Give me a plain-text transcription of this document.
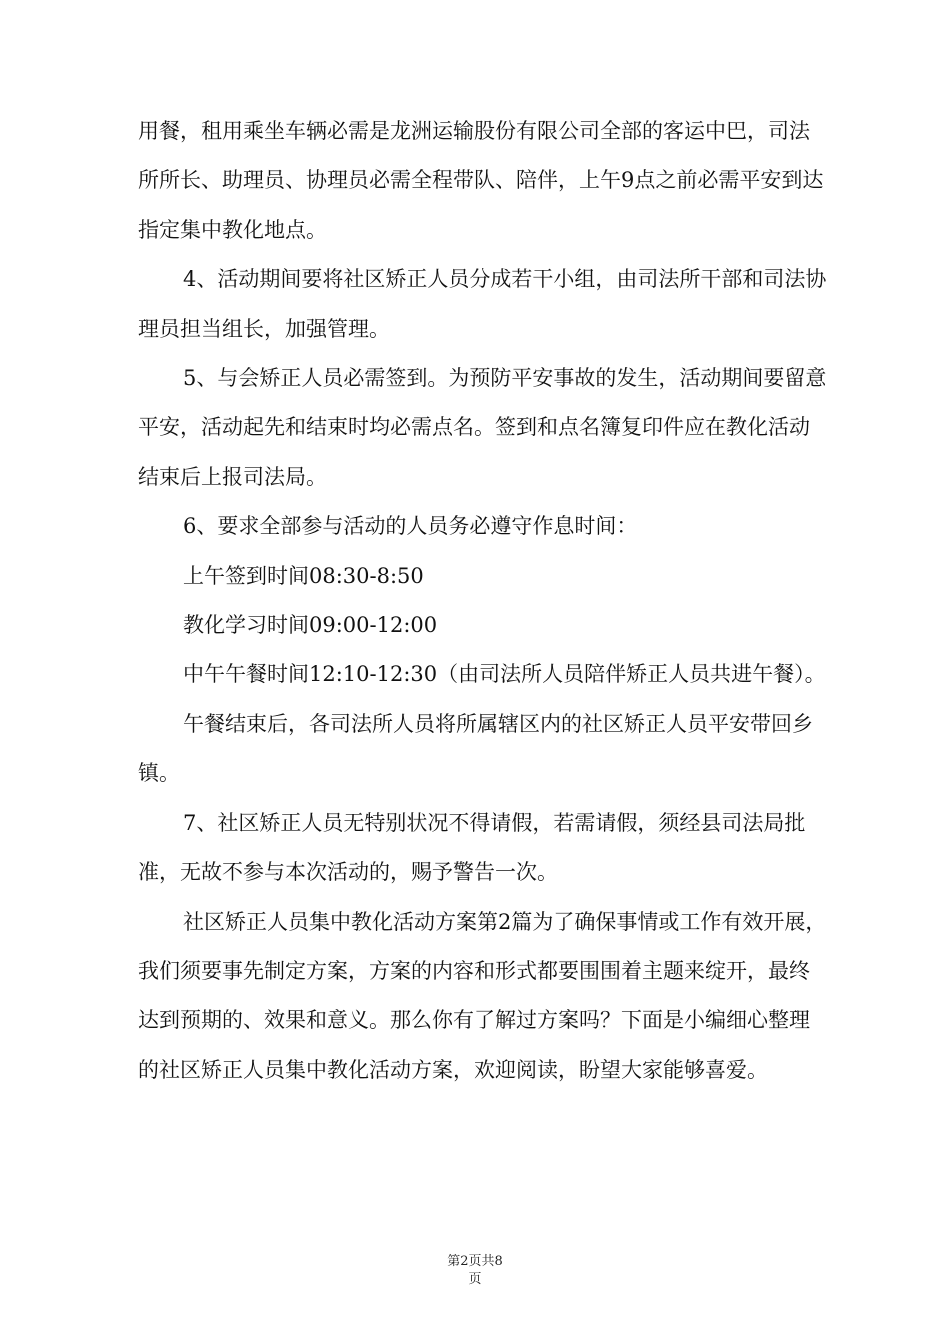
用餐，租用乘坐车辆必需是龙洲运输股份有限公司全部的客运中巴，司法所所长、助理员、协理员必需全程带队、陪伴，上午9点之前必需平安到达指定集中教化地点。

4、活动期间要将社区矫正人员分成若干小组，由司法所干部和司法协理员担当组长，加强管理。

5、与会矫正人员必需签到。为预防平安事故的发生，活动期间要留意平安，活动起先和结束时均必需点名。签到和点名簿复印件应在教化活动结束后上报司法局。

6、要求全部参与活动的人员务必遵守作息时间：

上午签到时间08:30-8:50

教化学习时间09:00-12:00

中午午餐时间12:10-12:30（由司法所人员陪伴矫正人员共进午餐）。

午餐结束后，各司法所人员将所属辖区内的社区矫正人员平安带回乡镇。

7、社区矫正人员无特别状况不得请假，若需请假，须经县司法局批准，无故不参与本次活动的，赐予警告一次。

社区矫正人员集中教化活动方案第2篇为了确保事情或工作有效开展，我们须要事先制定方案，方案的内容和形式都要围围着主题来绽开，最终达到预期的、效果和意义。那么你有了解过方案吗？下面是小编细心整理的社区矫正人员集中教化活动方案，欢迎阅读，盼望大家能够喜爱。

第2页共8
页
